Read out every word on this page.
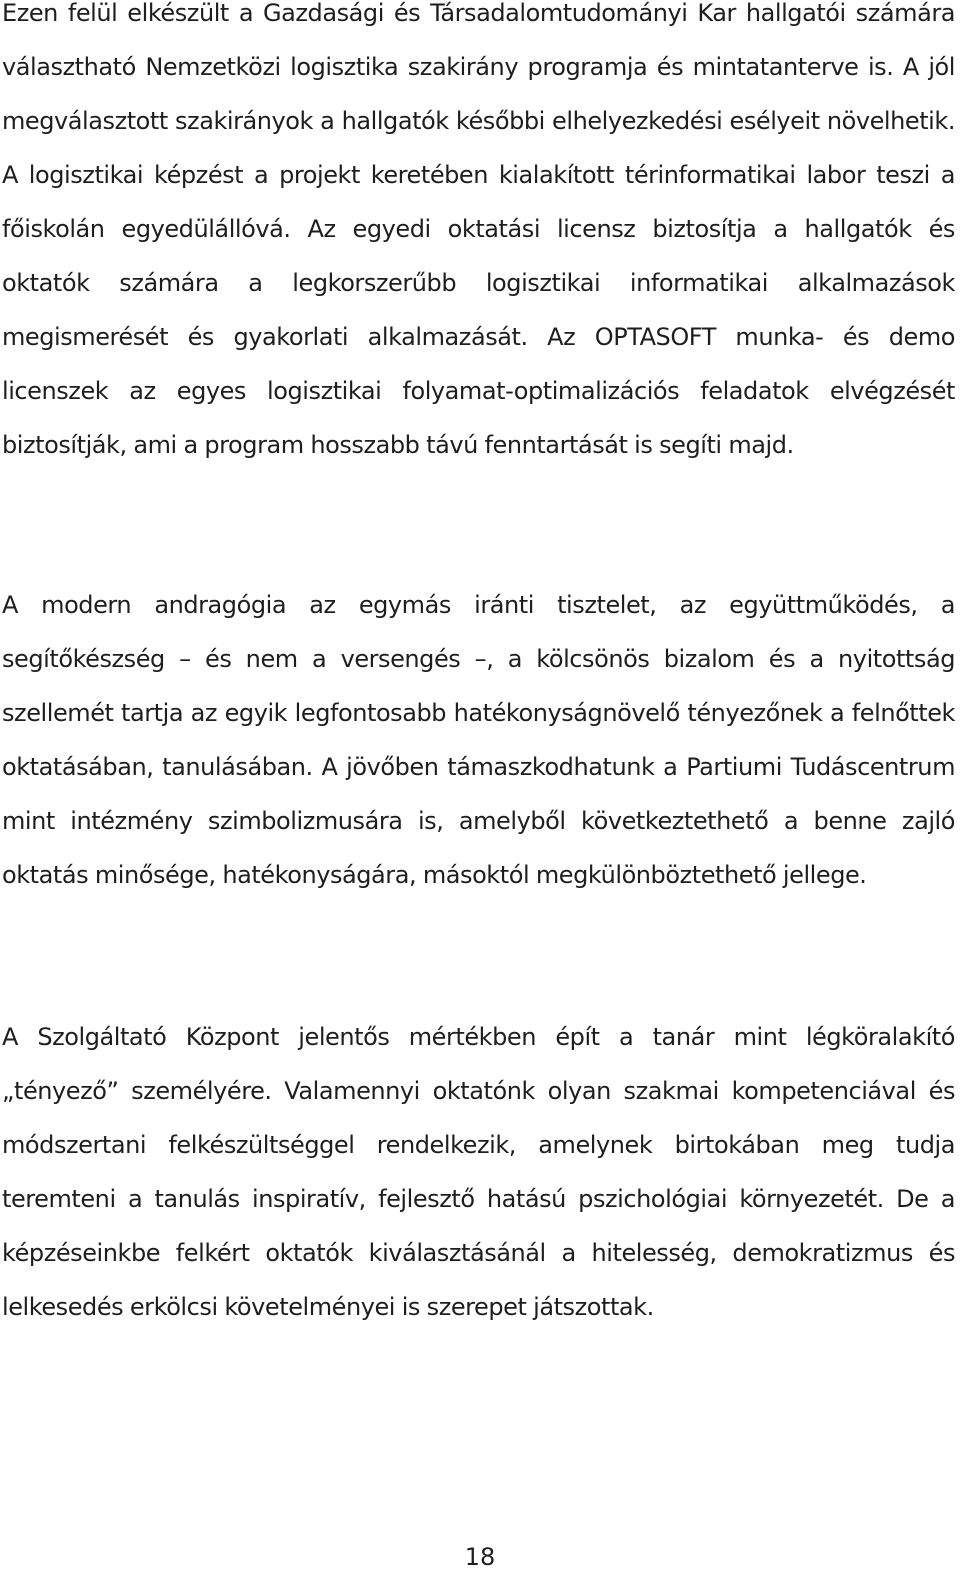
Ezen felül elkészült a Gazdasági és Társadalomtudományi Kar hallgatói számára választható Nemzetközi logisztika szakirány programja és mintatanterve is. A jól megválasztott szakirányok a hallgatók későbbi elhelyezkedési esélyeit növelhetik. A logisztikai képzést a projekt keretében kialakított térinformatikai labor teszi a főiskolán egyedülállóvá. Az egyedi oktatási licensz biztosítja a hallgatók és oktatók számára a legkorszerűbb logisztikai informatikai alkalmazások megismerését és gyakorlati alkalmazását. Az OPTASOFT munka- és demo licenszek az egyes logisztikai folyamat-optimalizációs feladatok elvégzését biztosítják, ami a program hosszabb távú fenntartását is segíti majd.

A modern andragógia az egymás iránti tisztelet, az együttműködés, a segítőkészség – és nem a versengés –, a kölcsönös bizalom és a nyitottság szellemét tartja az egyik legfontosabb hatékonyságnövelő tényezőnek a felnőttek oktatásában, tanulásában. A jövőben támaszkodhatunk a Partiumi Tudáscentrum mint intézmény szimbolizmusára is, amelyből következtethető a benne zajló oktatás minősége, hatékonyságára, másoktól megkülönböztethető jellege.

A Szolgáltató Központ jelentős mértékben épít a tanár mint légköralakító „tényező” személyére. Valamennyi oktatónk olyan szakmai kompetenciával és módszertani felkészültséggel rendelkezik, amelynek birtokában meg tudja teremteni a tanulás inspiratív, fejlesztő hatású pszichológiai környezetét. De a képzéseinkbe felkért oktatók kiválasztásánál a hitelesség, demokratizmus és lelkesedés erkölcsi követelményei is szerepet játszottak.

18
